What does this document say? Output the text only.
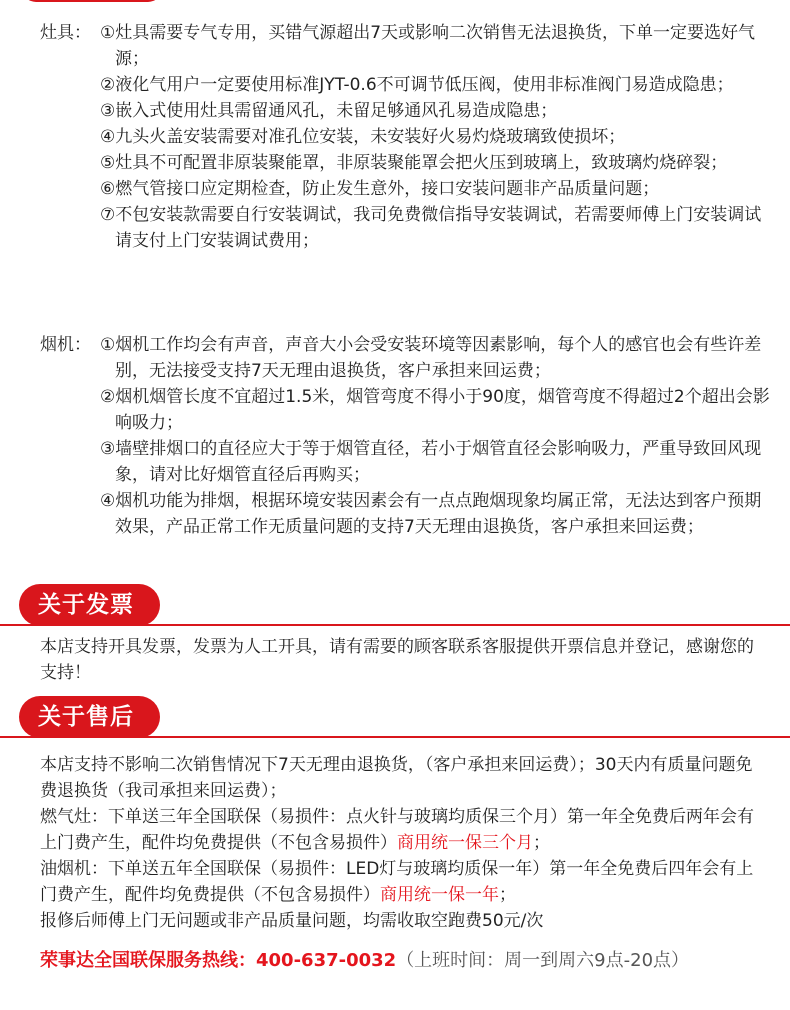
灶具： ①灶具需要专气专用，买错气源超出7天或影响二次销售无法退换货，下单一定要选好气源；
②液化气用户一定要使用标准JYT-0.6不可调节低压阀，使用非标准阀门易造成隐患；
③嵌入式使用灶具需留通风孔，未留足够通风孔易造成隐患；
④九头火盖安装需要对准孔位安装，未安装好火易灼烧玻璃致使损坏；
⑤灶具不可配置非原装聚能罩，非原装聚能罩会把火压到玻璃上，致玻璃灼烧碎裂；
⑥燃气管接口应定期检查，防止发生意外，接口安装问题非产品质量问题；
⑦不包安装款需要自行安装调试，我司免费微信指导安装调试，若需要师傅上门安装调试请支付上门安装调试费用；
烟机： ①烟机工作均会有声音，声音大小会受安装环境等因素影响，每个人的感官也会有些许差别，无法接受支持7天无理由退换货，客户承担来回运费；
②烟机烟管长度不宜超过1.5米，烟管弯度不得小于90度，烟管弯度不得超过2个超出会影响吸力；
③墙壁排烟口的直径应大于等于烟管直径，若小于烟管直径会影响吸力，严重导致回风现象，请对比好烟管直径后再购买；
④烟机功能为排烟，根据环境安装因素会有一点点跑烟现象均属正常，无法达到客户预期效果，产品正常工作无质量问题的支持7天无理由退换货，客户承担来回运费；
关于发票
本店支持开具发票，发票为人工开具，请有需要的顾客联系客服提供开票信息并登记，感谢您的支持！
关于售后

本店支持不影响二次销售情况下7天无理由退换货，（客户承担来回运费）；30天内有质量问题免费退换货（我司承担来回运费）；

燃气灶：下单送三年全国联保（易损件：点火针与玻璃均质保三个月）第一年全免费后两年会有上门费产生，配件均免费提供（不包含易损件）商用统一保三个月；

油烟机：下单送五年全国联保（易损件：LED灯与玻璃均质保一年）第一年全免费后四年会有上门费产生，配件均免费提供（不包含易损件）商用统一保一年；

报修后师傅上门无问题或非产品质量问题，均需收取空跑费50元/次

荣事达全国联保服务热线：400-637-0032（上班时间：周一到周六9点-20点）
